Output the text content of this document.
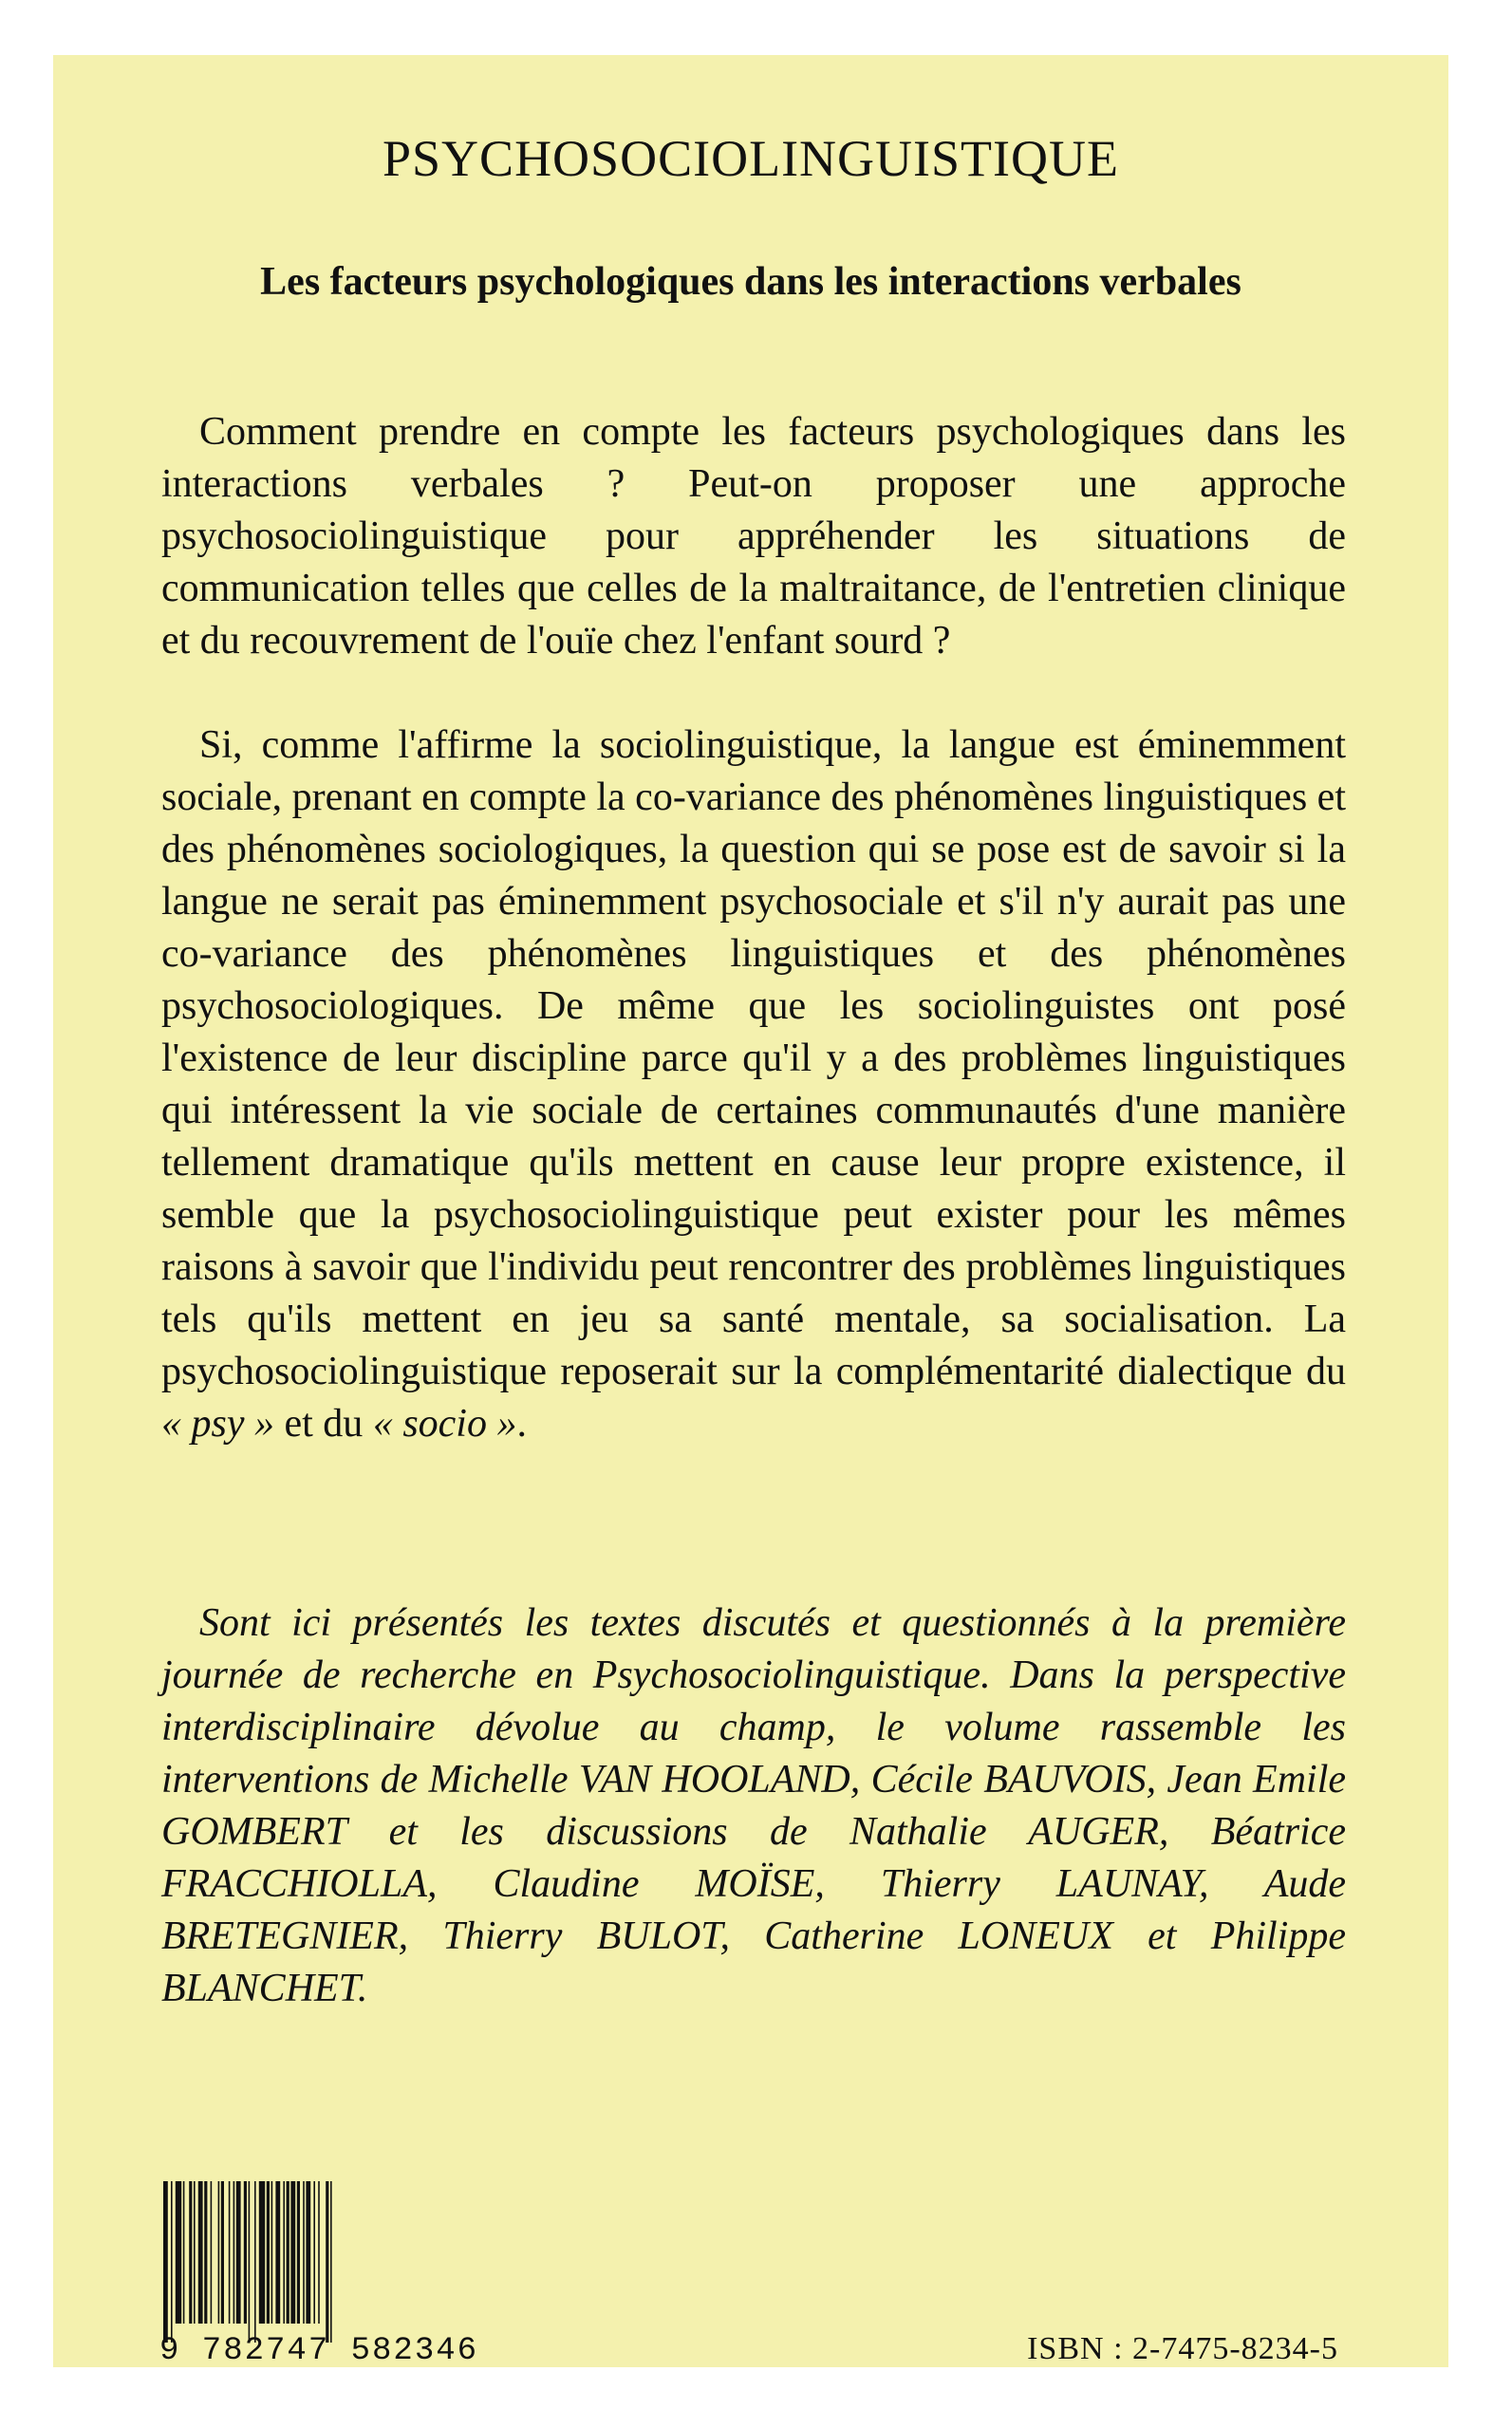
PSYCHOSOCIOLINGUISTIQUE
Les facteurs psychologiques dans les interactions verbales

Comment prendre en compte les facteurs psychologiques dans les interactions verbales ? Peut-on proposer une approche psychosociolinguistique pour appréhender les situations de communication telles que celles de la maltraitance, de l'entretien clinique et du recouvrement de l'ouïe chez l'enfant sourd ?

Si, comme l'affirme la sociolinguistique, la langue est éminemment sociale, prenant en compte la co-variance des phénomènes linguistiques et des phénomènes sociologiques, la question qui se pose est de savoir si la langue ne serait pas éminemment psychosociale et s'il n'y aurait pas une co-variance des phénomènes linguistiques et des phénomènes psychosociologiques. De même que les sociolinguistes ont posé l'existence de leur discipline parce qu'il y a des problèmes linguistiques qui intéressent la vie sociale de certaines communautés d'une manière tellement dramatique qu'ils mettent en cause leur propre existence, il semble que la psychosociolinguistique peut exister pour les mêmes raisons à savoir que l'individu peut rencontrer des problèmes linguistiques tels qu'ils mettent en jeu sa santé mentale, sa socialisation. La psychosociolinguistique reposerait sur la complémentarité dialectique du « psy » et du « socio ».

Sont ici présentés les textes discutés et questionnés à la première journée de recherche en Psychosociolinguistique. Dans la perspective interdisciplinaire dévolue au champ, le volume rassemble les interventions de Michelle VAN HOOLAND, Cécile BAUVOIS, Jean Emile GOMBERT et les discussions de Nathalie AUGER, Béatrice FRACCHIOLLA, Claudine MOÏSE, Thierry LAUNAY, Aude BRETEGNIER, Thierry BULOT, Catherine LONEUX et Philippe BLANCHET.

9 782747 582346	ISBN : 2-7475-8234-5
